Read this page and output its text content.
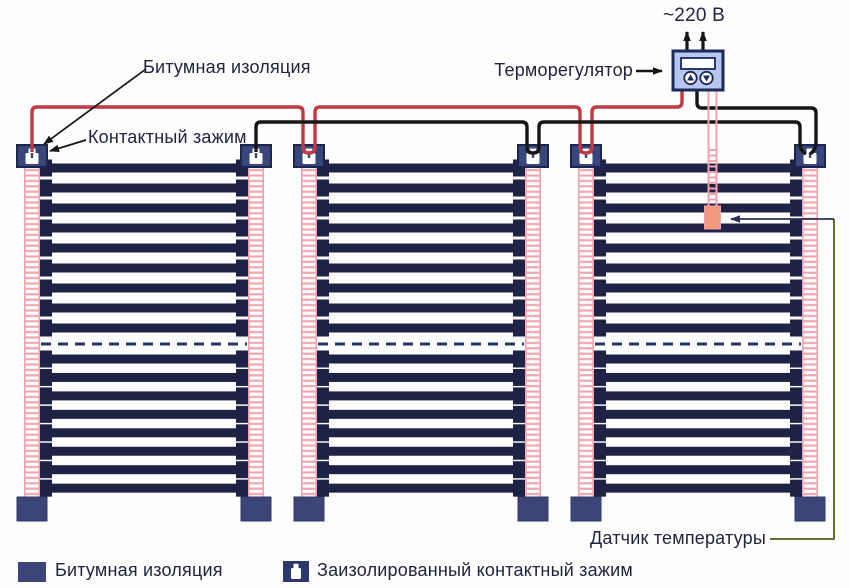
Битумная изоляция
Контактный зажим
Терморегулятор
~220 В
Датчик температуры
Битумная изоляция	Заизолированный контактный зажим
